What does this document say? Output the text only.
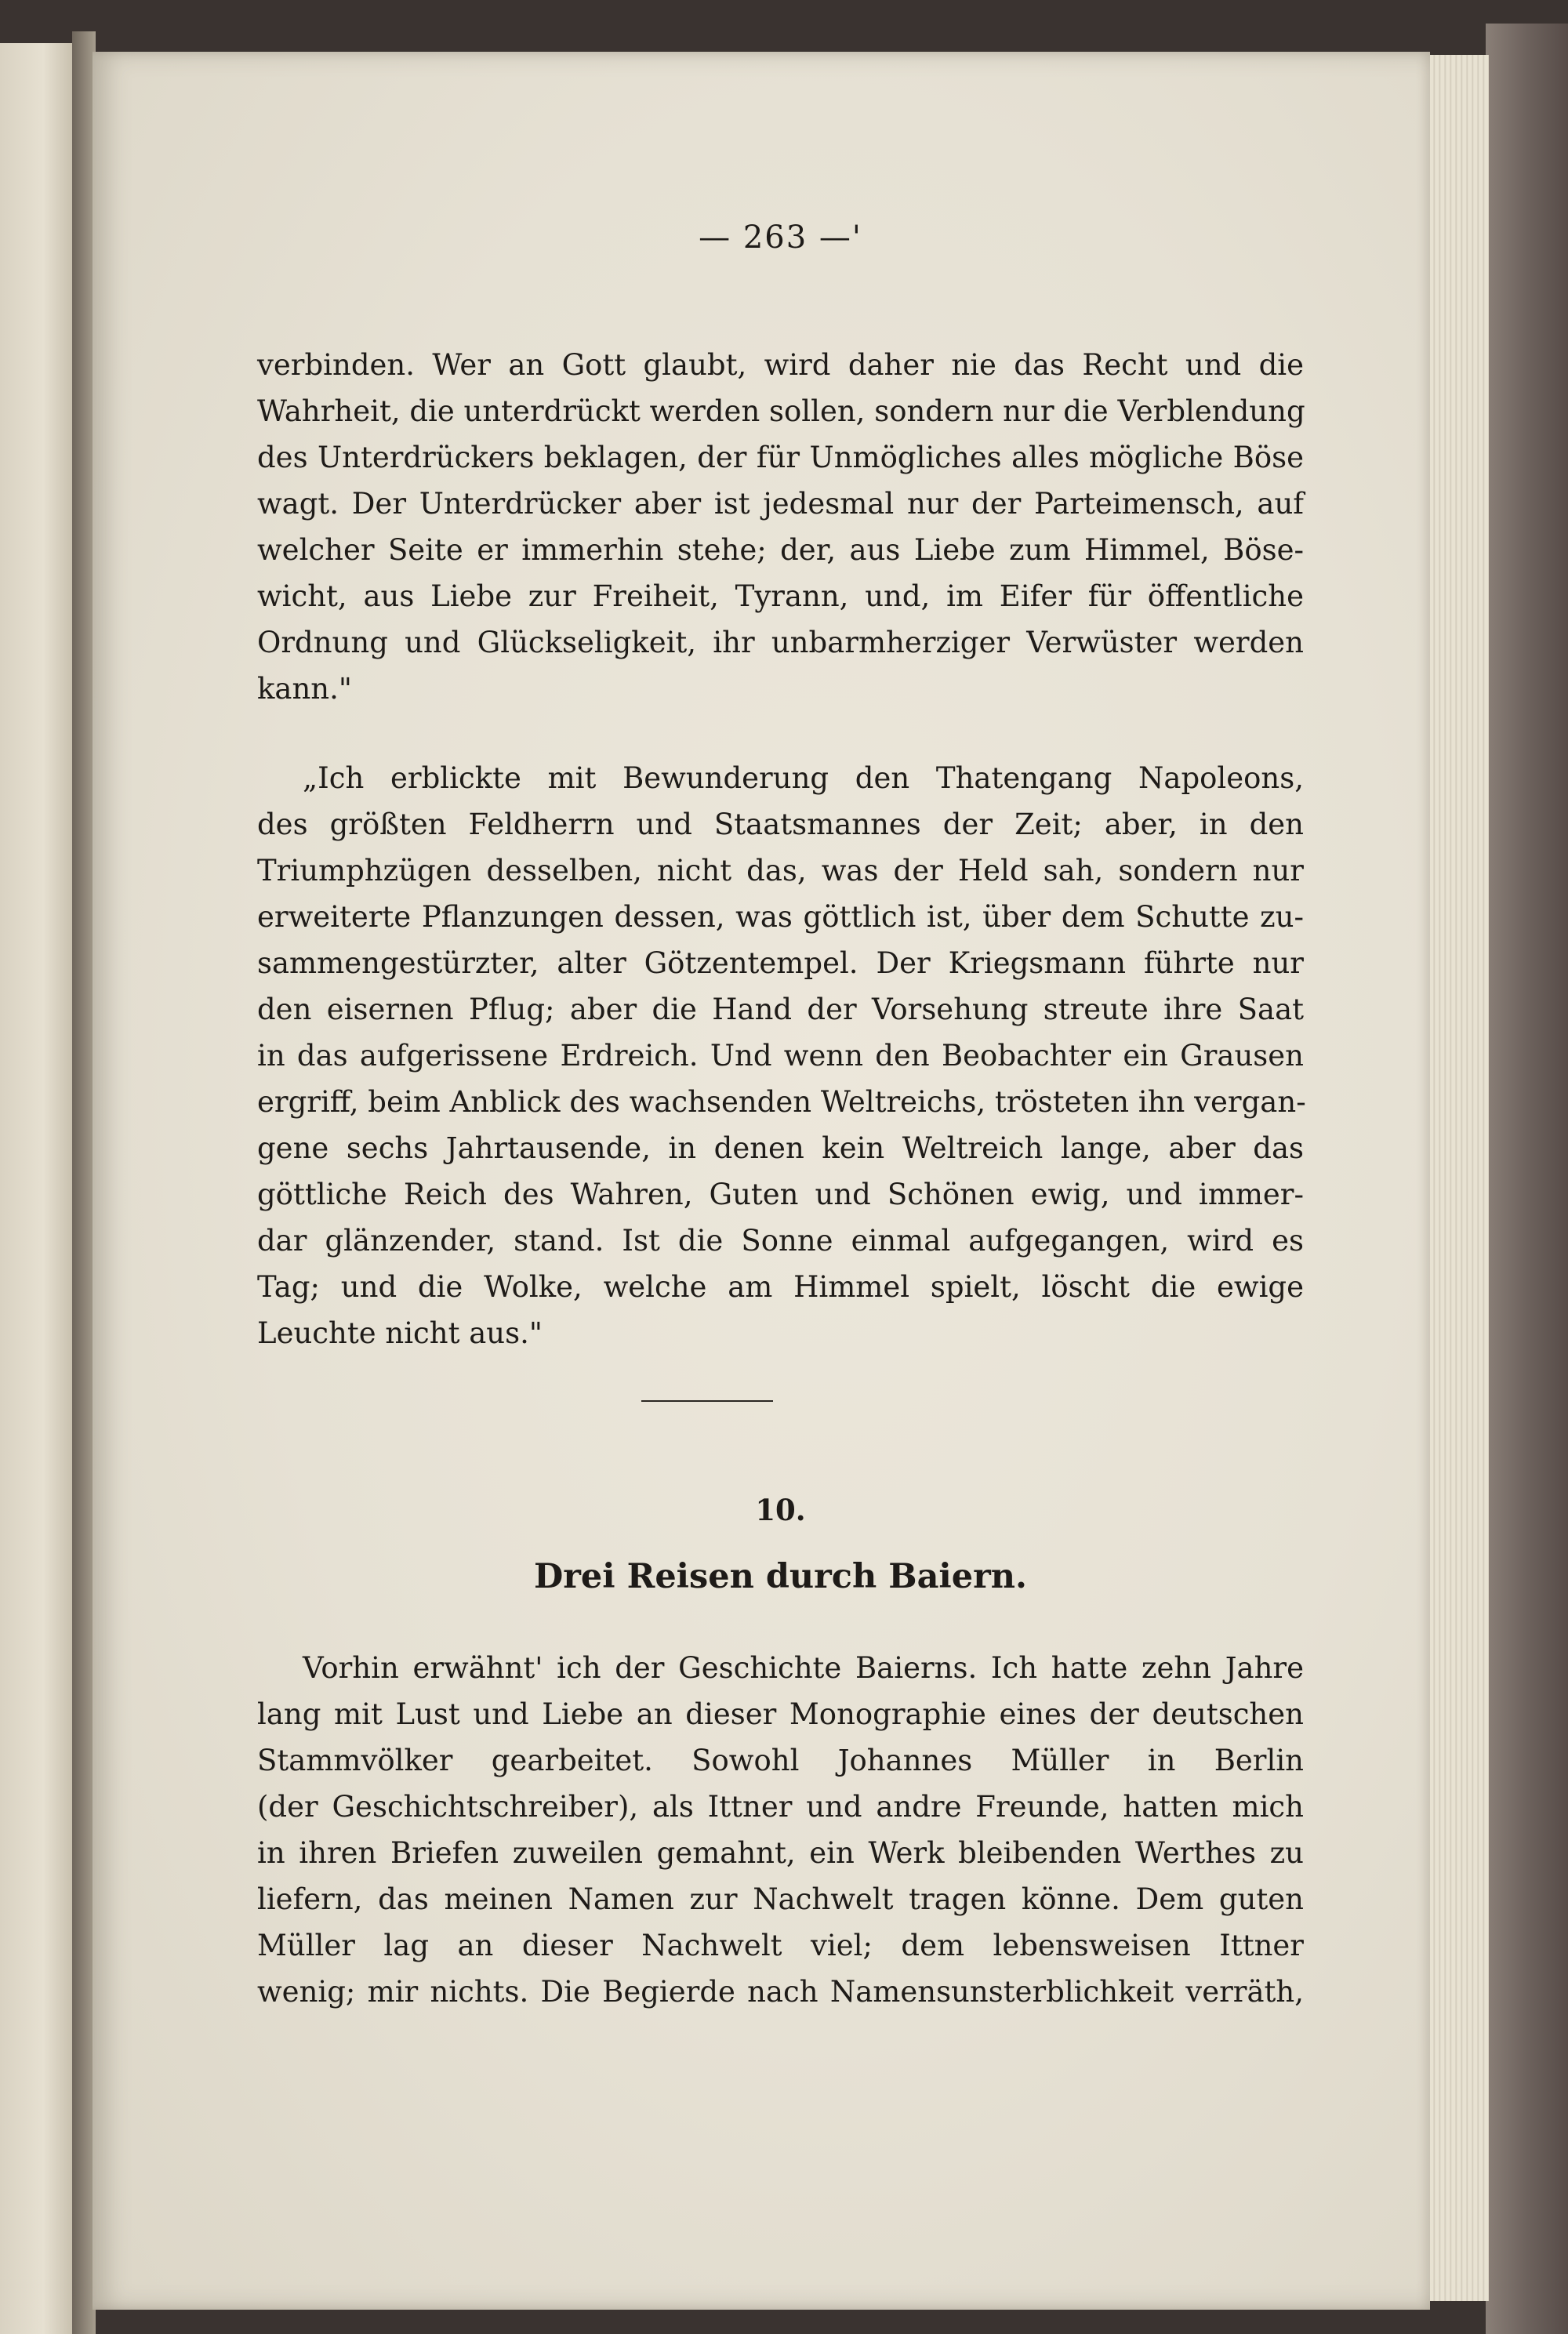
— 263 —'
verbinden. Wer an Gott glaubt, wird daher nie das Recht und die
Wahrheit, die unterdrückt werden sollen, sondern nur die Verblendung
des Unterdrückers beklagen, der für Unmögliches alles mögliche Böse
wagt. Der Unterdrücker aber ist jedesmal nur der Parteimensch, auf
welcher Seite er immerhin stehe; der, aus Liebe zum Himmel, Böse-
wicht, aus Liebe zur Freiheit, Tyrann, und, im Eifer für öffentliche
Ordnung und Glückseligkeit, ihr unbarmherziger Verwüster werden
kann."
„Ich erblickte mit Bewunderung den Thatengang Napoleons,
des größten Feldherrn und Staatsmannes der Zeit; aber, in den
Triumphzügen desselben, nicht das, was der Held sah, sondern nur
erweiterte Pflanzungen dessen, was göttlich ist, über dem Schutte zu-
sammengestürzter, alter Götzentempel. Der Kriegsmann führte nur
den eisernen Pflug; aber die Hand der Vorsehung streute ihre Saat
in das aufgerissene Erdreich. Und wenn den Beobachter ein Grausen
ergriff, beim Anblick des wachsenden Weltreichs, trösteten ihn vergan-
gene sechs Jahrtausende, in denen kein Weltreich lange, aber das
göttliche Reich des Wahren, Guten und Schönen ewig, und immer-
dar glänzender, stand. Ist die Sonne einmal aufgegangen, wird es
Tag; und die Wolke, welche am Himmel spielt, löscht die ewige
Leuchte nicht aus."
10.
Drei Reisen durch Baiern.
Vorhin erwähnt' ich der Geschichte Baierns. Ich hatte zehn Jahre
lang mit Lust und Liebe an dieser Monographie eines der deutschen
Stammvölker gearbeitet. Sowohl Johannes Müller in Berlin
(der Geschichtschreiber), als Ittner und andre Freunde, hatten mich
in ihren Briefen zuweilen gemahnt, ein Werk bleibenden Werthes zu
liefern, das meinen Namen zur Nachwelt tragen könne. Dem guten
Müller lag an dieser Nachwelt viel; dem lebensweisen Ittner
wenig; mir nichts. Die Begierde nach Namensunsterblichkeit verräth,
